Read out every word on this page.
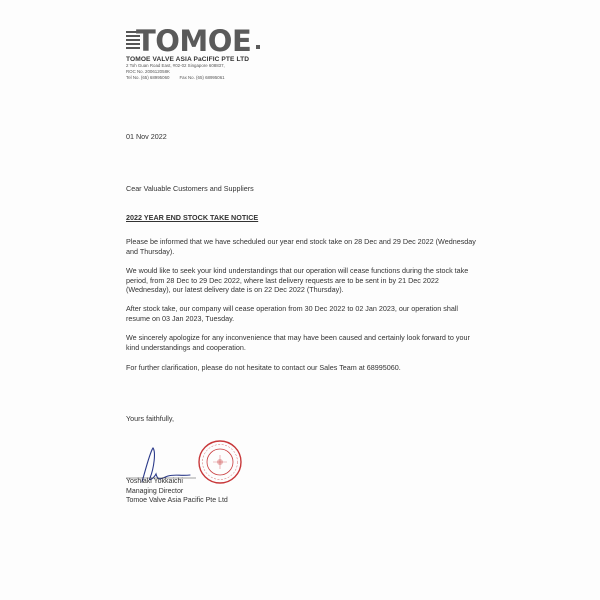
TOMOE
TOMOE VALVE ASIA PaCIFIC PTE LTD
2 Toh Guan Road East, #02-02 Singapore 608837,
ROC No. 200612058K
Tel No. (65) 68995060 Fax No. (65) 68995061
01 Nov 2022
Cear Valuable Customers and Suppliers
2022 YEAR END STOCK TAKE NOTICE
Please be informed that we have scheduled our year end stock take on 28 Dec and 29 Dec 2022 (Wednesday and Thursday).
We would like to seek your kind understandings that our operation will cease functions during the stock take period, from 28 Dec to 29 Dec 2022, where last delivery requests are to be sent in by 21 Dec 2022 (Wednesday), our latest delivery date is on 22 Dec 2022 (Thursday).
After stock take, our company will cease operation from 30 Dec 2022 to 02 Jan 2023, our operation shall resume on 03 Jan 2023, Tuesday.
We sincerely apologize for any inconvenience that may have been caused and certainly look forward to your kind understandings and cooperation.
For further clarification, please do not hesitate to contact our Sales Team at 68995060.
Yours faithfully,
Yoshiaki Yokkaichi
Managing Director
Tomoe Valve Asia Pacific Pte Ltd
